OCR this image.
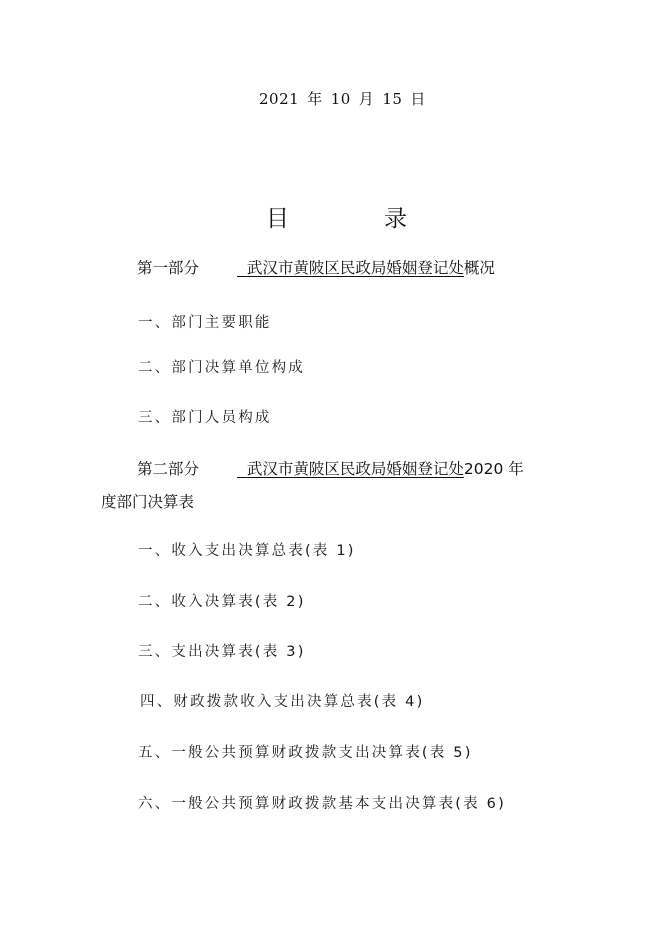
2021 年 10 月 15 日
目	录
第一部分	武汉市黄陂区民政局婚姻登记处概况
一、部门主要职能
二、部门决算单位构成
三、部门人员构成
第二部分	武汉市黄陂区民政局婚姻登记处2020 年
度部门决算表
一、收入支出决算总表(表 1)
二、收入决算表(表 2)
三、支出决算表(表 3)
四、财政拨款收入支出决算总表(表 4)
五、一般公共预算财政拨款支出决算表(表 5)
六、一般公共预算财政拨款基本支出决算表(表 6)
